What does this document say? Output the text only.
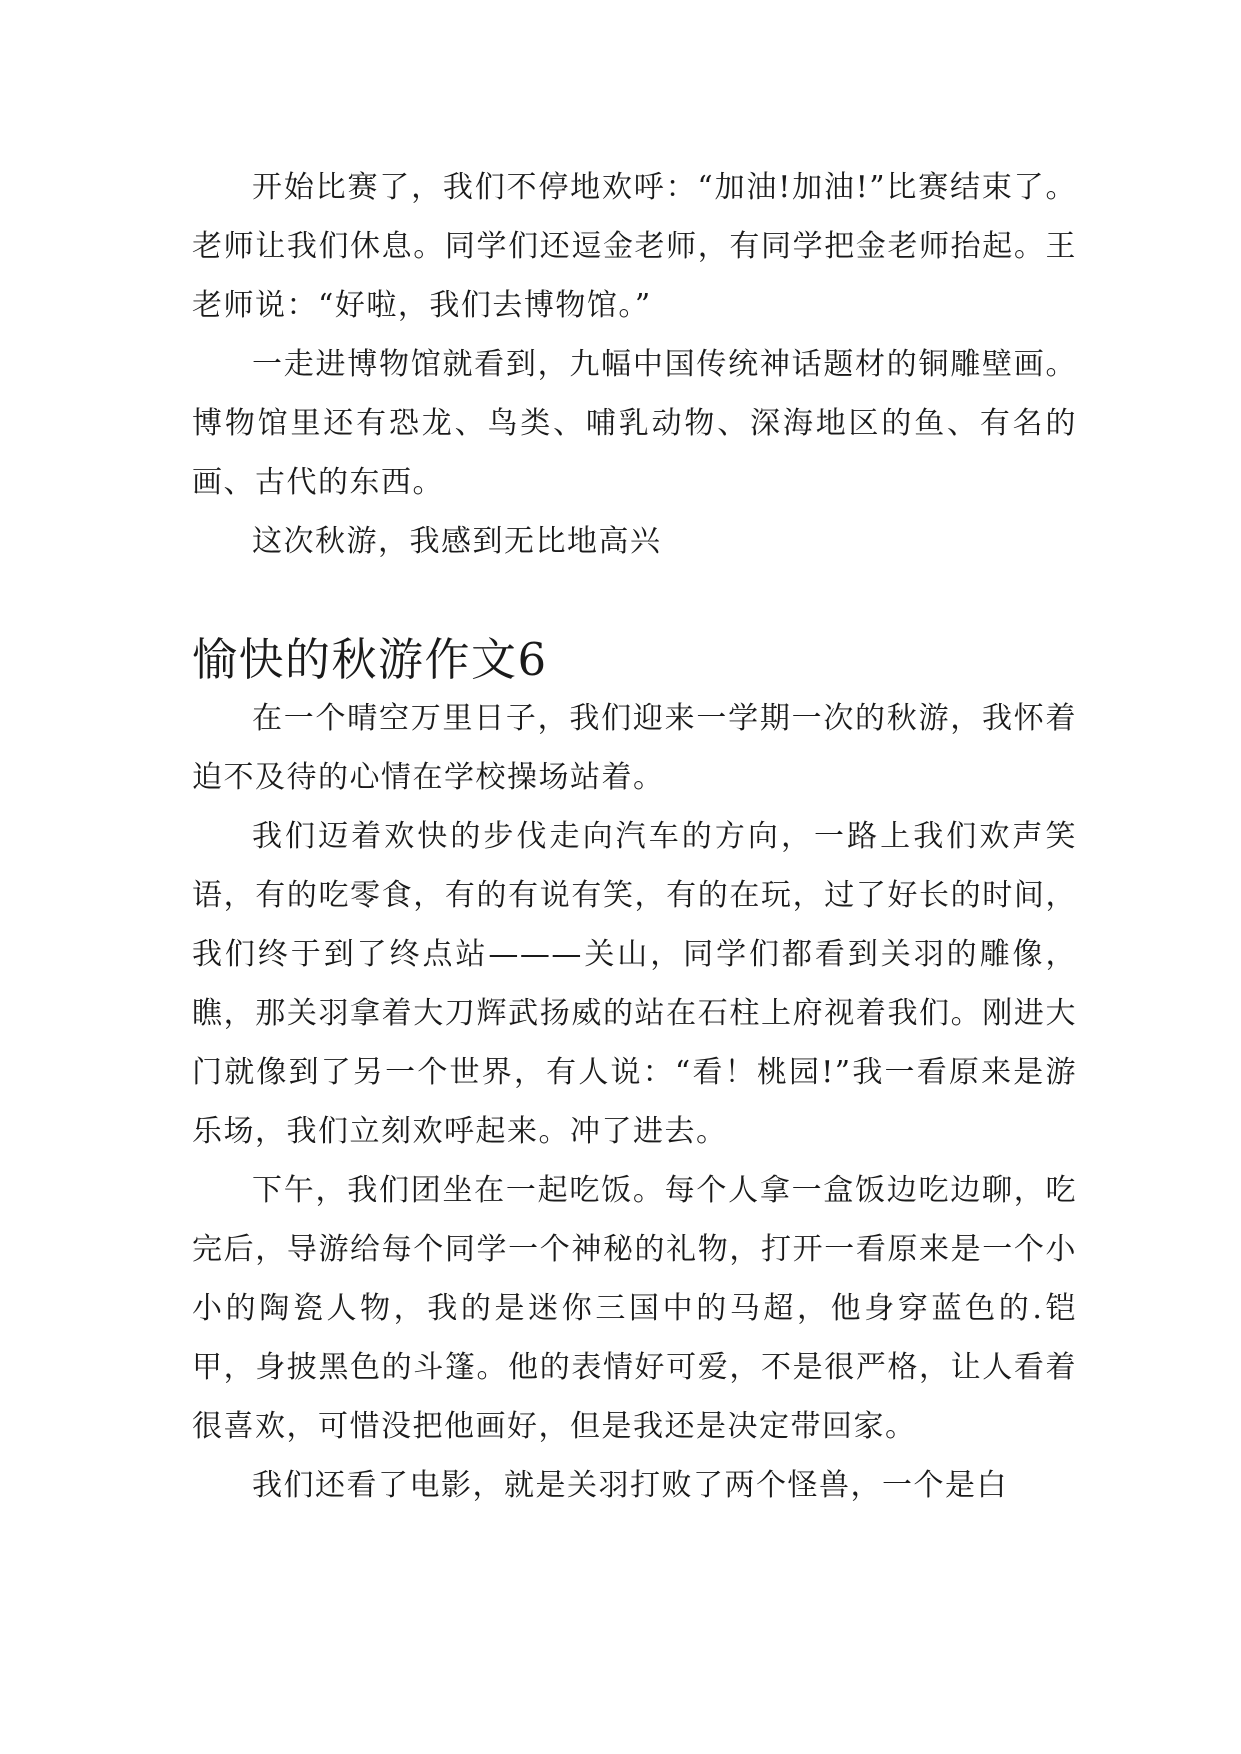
开始比赛了，我们不停地欢呼：“加油!加油!”比赛结束了。老师让我们休息。同学们还逗金老师，有同学把金老师抬起。王老师说：“好啦，我们去博物馆。”

一走进博物馆就看到，九幅中国传统神话题材的铜雕壁画。博物馆里还有恐龙、鸟类、哺乳动物、深海地区的鱼、有名的画、古代的东西。

这次秋游，我感到无比地高兴

愉快的秋游作文6

在一个晴空万里日子，我们迎来一学期一次的秋游，我怀着迫不及待的心情在学校操场站着。

我们迈着欢快的步伐走向汽车的方向，一路上我们欢声笑语，有的吃零食，有的有说有笑，有的在玩，过了好长的时间，我们终于到了终点站———关山，同学们都看到关羽的雕像，瞧，那关羽拿着大刀辉武扬威的站在石柱上府视着我们。刚进大门就像到了另一个世界，有人说：“看！桃园!”我一看原来是游乐场，我们立刻欢呼起来。冲了进去。

下午，我们团坐在一起吃饭。每个人拿一盒饭边吃边聊，吃完后，导游给每个同学一个神秘的礼物，打开一看原来是一个小小的陶瓷人物，我的是迷你三国中的马超，他身穿蓝色的.铠甲，身披黑色的斗篷。他的表情好可爱，不是很严格，让人看着很喜欢，可惜没把他画好，但是我还是决定带回家。

我们还看了电影，就是关羽打败了两个怪兽，一个是白
